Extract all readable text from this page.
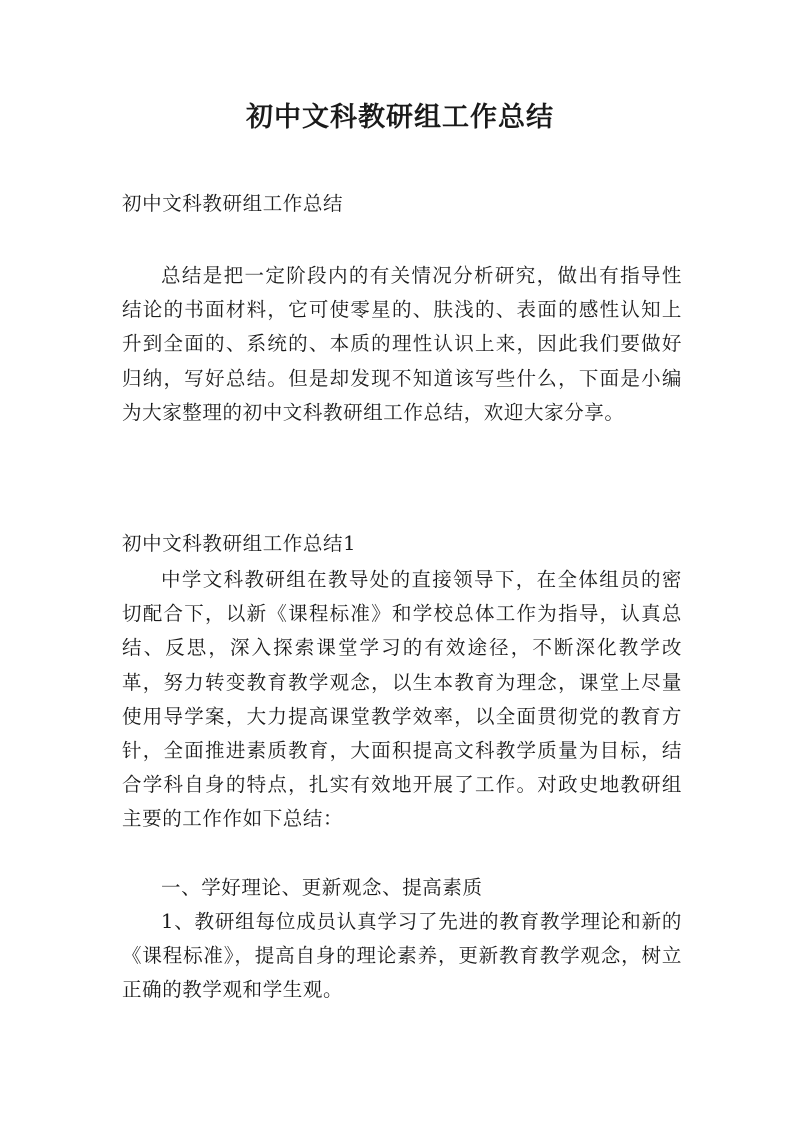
初中文科教研组工作总结

初中文科教研组工作总结

总结是把一定阶段内的有关情况分析研究，做出有指导性结论的书面材料，它可使零星的、肤浅的、表面的感性认知上升到全面的、系统的、本质的理性认识上来，因此我们要做好归纳，写好总结。但是却发现不知道该写些什么，下面是小编为大家整理的初中文科教研组工作总结，欢迎大家分享。

初中文科教研组工作总结1

中学文科教研组在教导处的直接领导下，在全体组员的密切配合下，以新《课程标准》和学校总体工作为指导，认真总结、反思，深入探索课堂学习的有效途径，不断深化教学改革，努力转变教育教学观念，以生本教育为理念，课堂上尽量使用导学案，大力提高课堂教学效率，以全面贯彻党的教育方针，全面推进素质教育，大面积提高文科教学质量为目标，结合学科自身的特点，扎实有效地开展了工作。对政史地教研组主要的工作作如下总结：

一、学好理论、更新观念、提高素质

1、教研组每位成员认真学习了先进的教育教学理论和新的《课程标准》，提高自身的理论素养，更新教育教学观念，树立正确的教学观和学生观。
